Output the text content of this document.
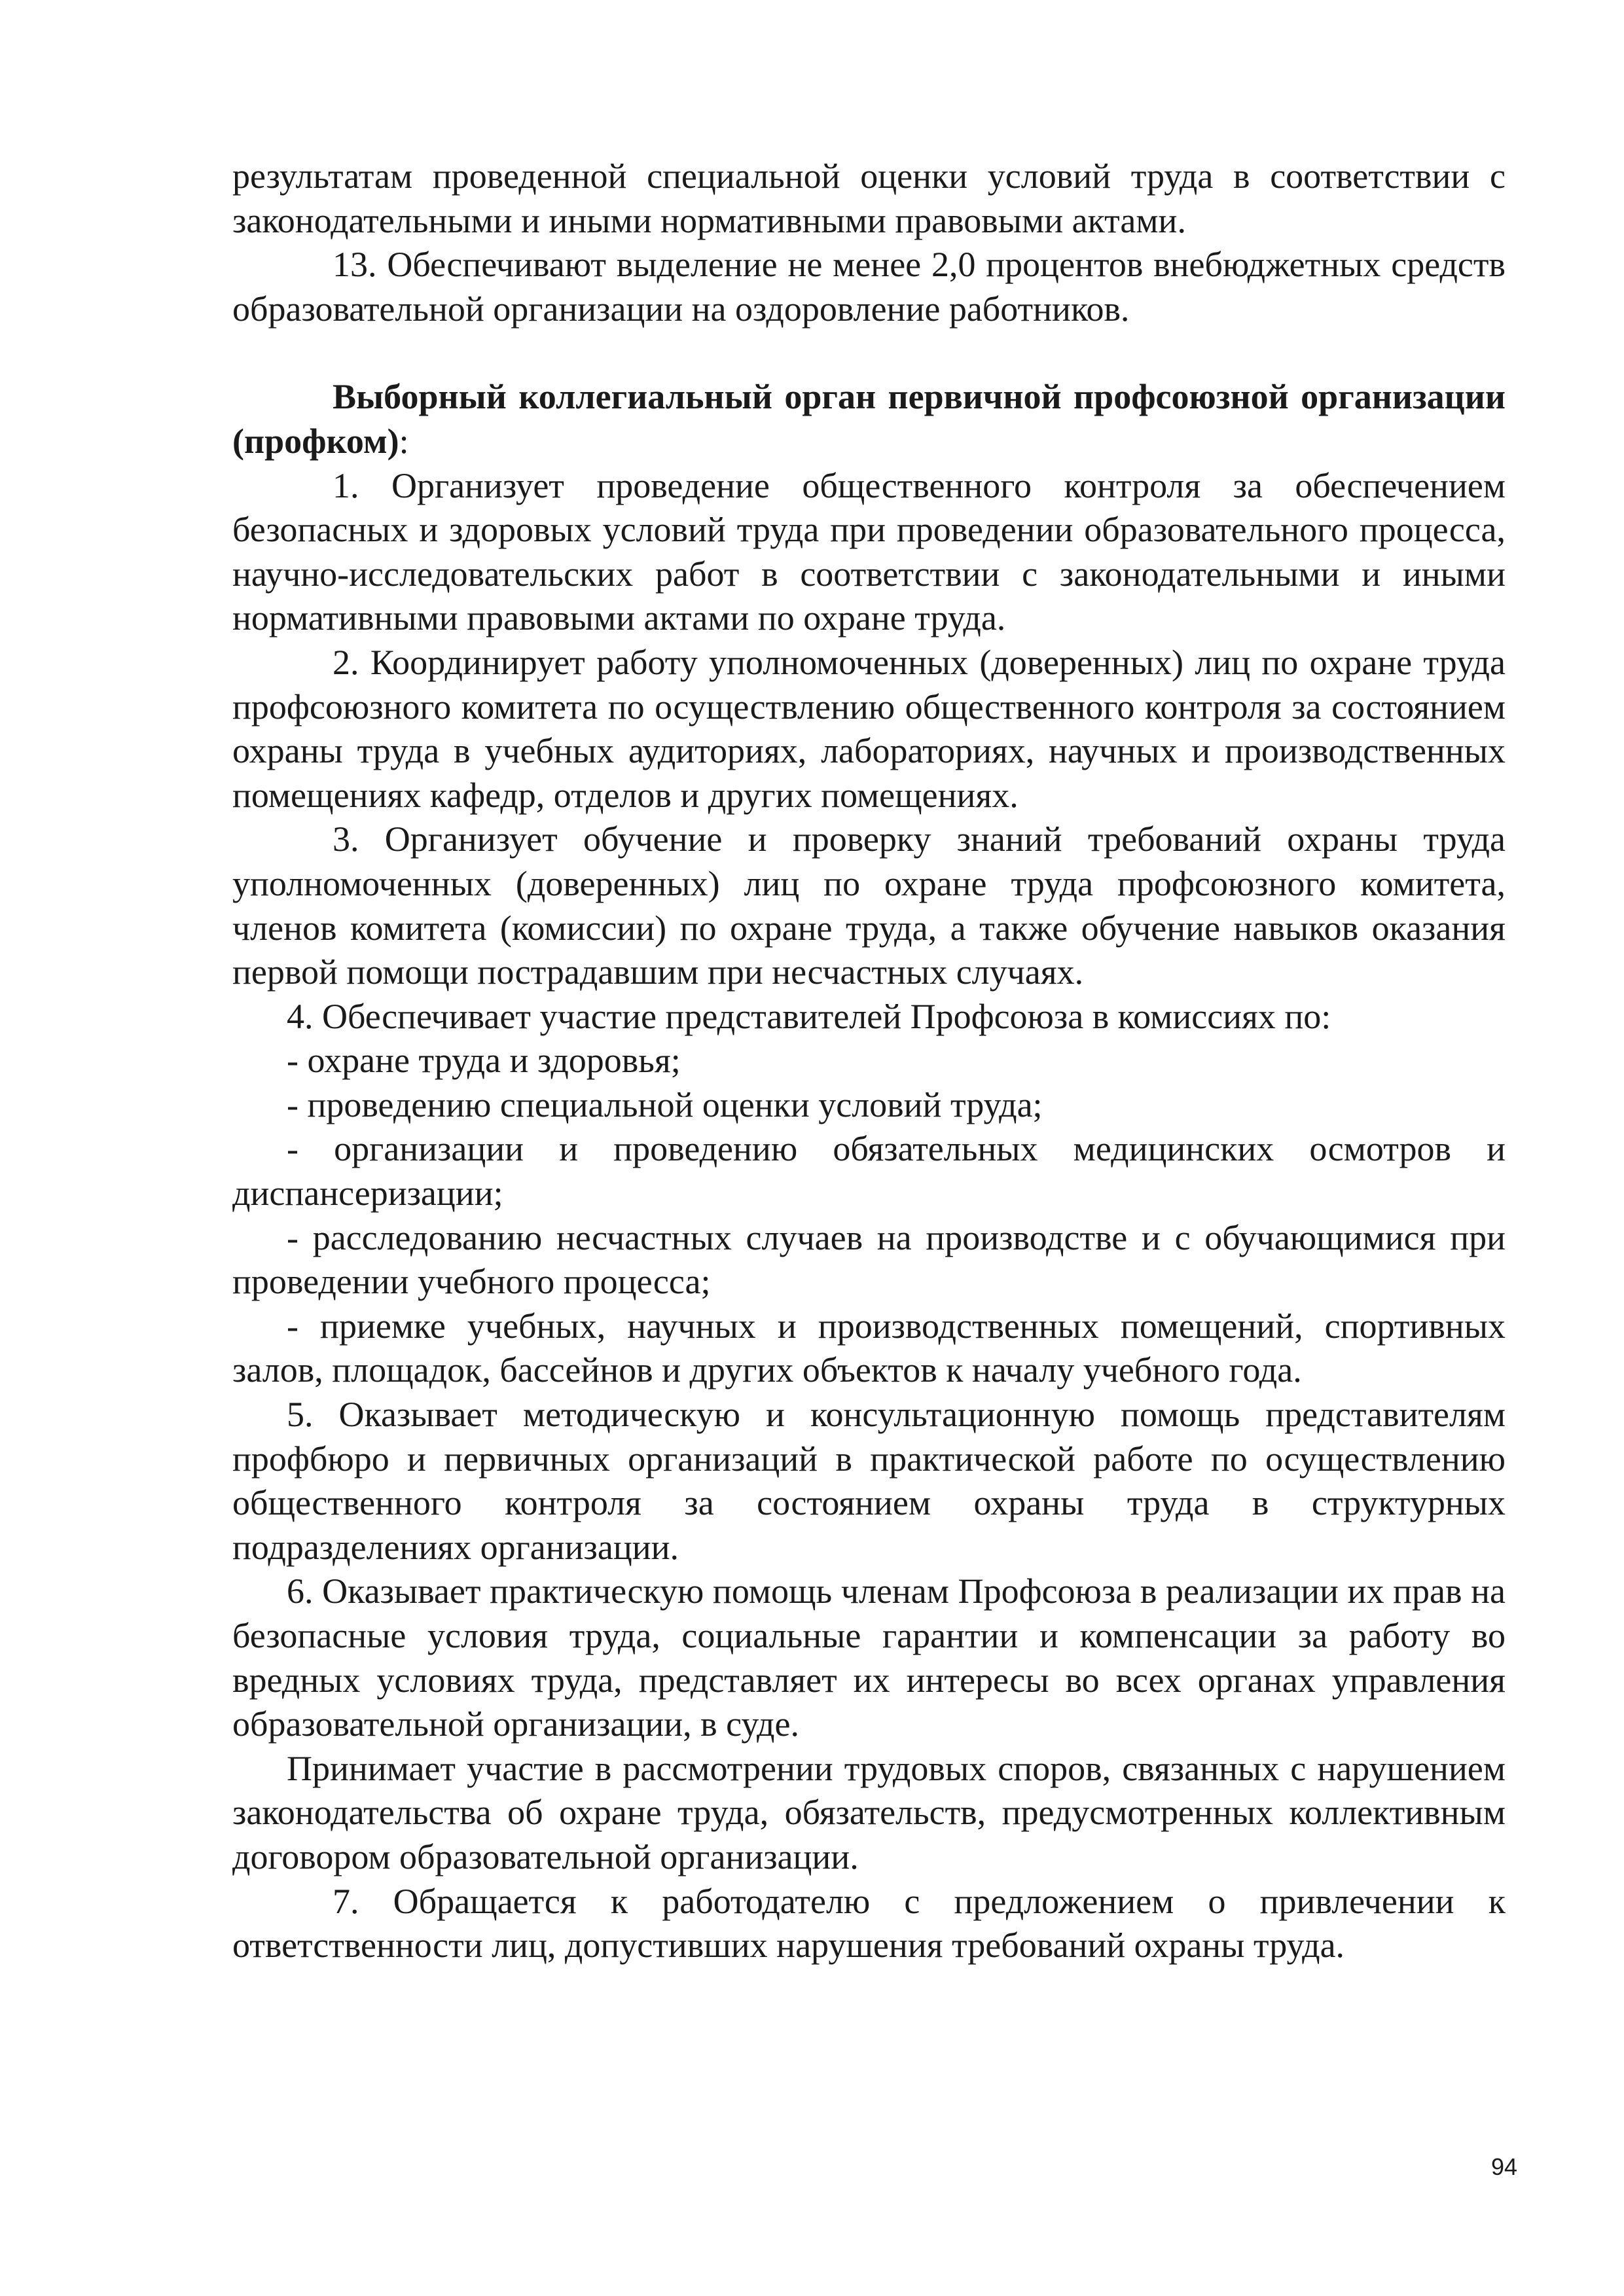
результатам проведенной специальной оценки условий труда в соответствии с законодательными и иными нормативными правовыми актами.

13. Обеспечивают выделение не менее 2,0 процентов внебюджетных средств образовательной организации на оздоровление работников.

Выборный коллегиальный орган первичной профсоюзной организации (профком):

1. Организует проведение общественного контроля за обеспечением безопасных и здоровых условий труда при проведении образовательного процесса, научно-исследовательских работ в соответствии с законодательными и иными нормативными правовыми актами по охране труда.

2. Координирует работу уполномоченных (доверенных) лиц по охране труда профсоюзного комитета по осуществлению общественного контроля за состоянием охраны труда в учебных аудиториях, лабораториях, научных и производственных помещениях кафедр, отделов и других помещениях.

3. Организует обучение и проверку знаний требований охраны труда уполномоченных (доверенных) лиц по охране труда профсоюзного комитета, членов комитета (комиссии) по охране труда, а также обучение навыков оказания первой помощи пострадавшим при несчастных случаях.

4. Обеспечивает участие представителей Профсоюза в комиссиях по:

- охране труда и здоровья;

- проведению специальной оценки условий труда;

- организации и проведению обязательных медицинских осмотров и диспансеризации;

- расследованию несчастных случаев на производстве и с обучающимися при проведении учебного процесса;

- приемке учебных, научных и производственных помещений, спортивных залов, площадок, бассейнов и других объектов к началу учебного года.

5. Оказывает методическую и консультационную помощь представителям профбюро и первичных организаций в практической работе по осуществлению общественного контроля за состоянием охраны труда в структурных подразделениях организации.

6. Оказывает практическую помощь членам Профсоюза в реализации их прав на безопасные условия труда, социальные гарантии и компенсации за работу во вредных условиях труда, представляет их интересы во всех органах управления образовательной организации, в суде.

Принимает участие в рассмотрении трудовых споров, связанных с нарушением законодательства об охране труда, обязательств, предусмотренных коллективным договором образовательной организации.

7. Обращается к работодателю с предложением о привлечении к ответственности лиц, допустивших нарушения требований охраны труда.

94
